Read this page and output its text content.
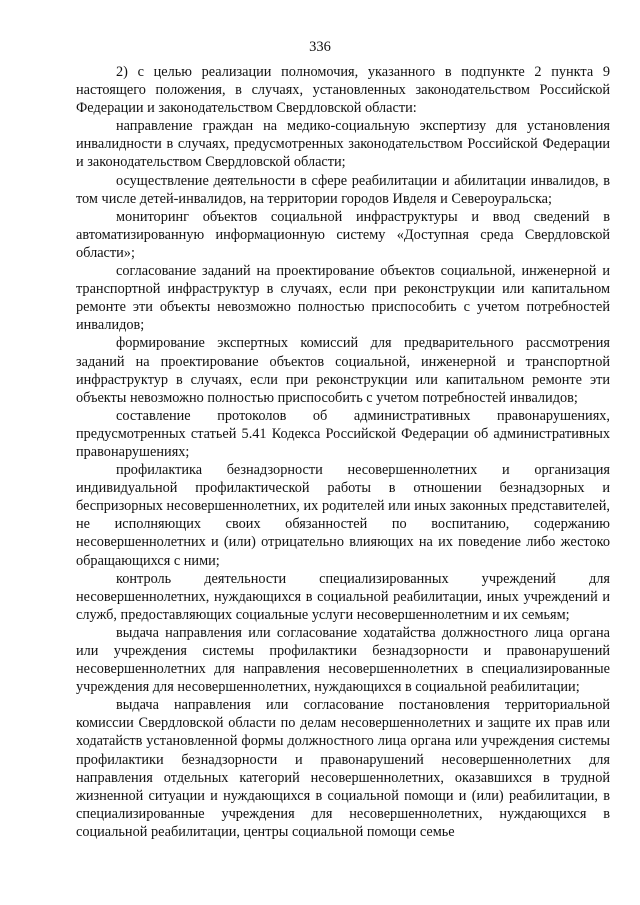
336

2) с целью реализации полномочия, указанного в подпункте 2 пункта 9 настоящего положения, в случаях, установленных законодательством Российской Федерации и законодательством Свердловской области:

направление граждан на медико-социальную экспертизу для установления инвалидности в случаях, предусмотренных законодательством Российской Федерации и законодательством Свердловской области;

осуществление деятельности в сфере реабилитации и абилитации инвалидов, в том числе детей-инвалидов, на территории городов Ивделя и Североуральска;

мониторинг объектов социальной инфраструктуры и ввод сведений в автоматизированную информационную систему «Доступная среда Свердловской области»;

согласование заданий на проектирование объектов социальной, инженерной и транспортной инфраструктур в случаях, если при реконструкции или капитальном ремонте эти объекты невозможно полностью приспособить с учетом потребностей инвалидов;

формирование экспертных комиссий для предварительного рассмотрения заданий на проектирование объектов социальной, инженерной и транспортной инфраструктур в случаях, если при реконструкции или капитальном ремонте эти объекты невозможно полностью приспособить с учетом потребностей инвалидов;

составление протоколов об административных правонарушениях, предусмотренных статьей 5.41 Кодекса Российской Федерации об административных правонарушениях;

профилактика безнадзорности несовершеннолетних и организация индивидуальной профилактической работы в отношении безнадзорных и беспризорных несовершеннолетних, их родителей или иных законных представителей, не исполняющих своих обязанностей по воспитанию, содержанию несовершеннолетних и (или) отрицательно влияющих на их поведение либо жестоко обращающихся с ними;

контроль деятельности специализированных учреждений для несовершеннолетних, нуждающихся в социальной реабилитации, иных учреждений и служб, предоставляющих социальные услуги несовершеннолетним и их семьям;

выдача направления или согласование ходатайства должностного лица органа или учреждения системы профилактики безнадзорности и правонарушений несовершеннолетних для направления несовершеннолетних в специализированные учреждения для несовершеннолетних, нуждающихся в социальной реабилитации;

выдача направления или согласование постановления территориальной комиссии Свердловской области по делам несовершеннолетних и защите их прав или ходатайств установленной формы должностного лица органа или учреждения системы профилактики безнадзорности и правонарушений несовершеннолетних для направления отдельных категорий несовершеннолетних, оказавшихся в трудной жизненной ситуации и нуждающихся в социальной помощи и (или) реабилитации, в специализированные учреждения для несовершеннолетних, нуждающихся в социальной реабилитации, центры социальной помощи семье
